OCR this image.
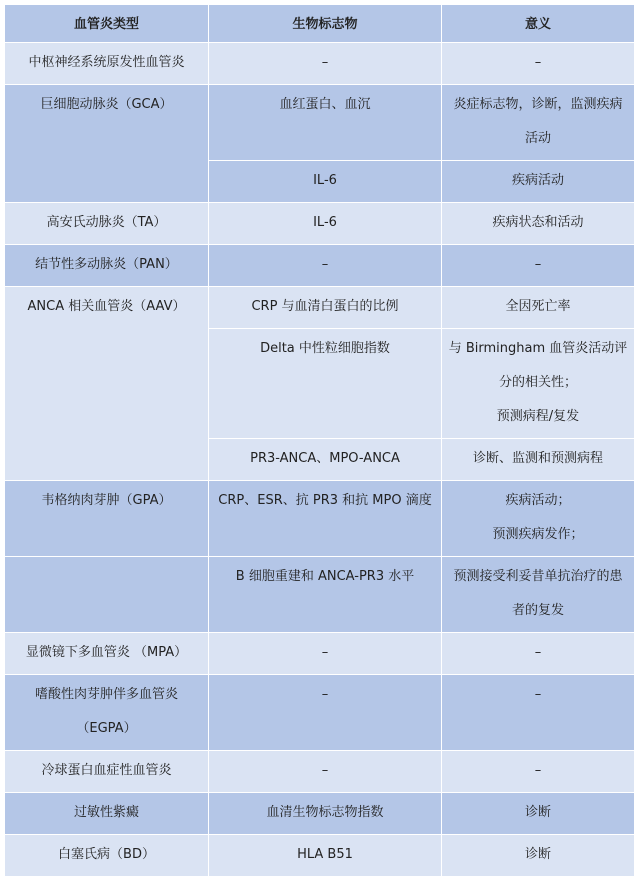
血管炎类型	生物标志物	意义

中枢神经系统原发性血管炎	–	–

巨细胞动脉炎（GCA）	血红蛋白、血沉	炎症标志物，诊断，监测疾病活动

	IL-6	疾病活动

高安氏动脉炎（TA）	IL-6	疾病状态和活动

结节性多动脉炎（PAN）	–	–

ANCA 相关血管炎（AAV）	CRP 与血清白蛋白的比例	全因死亡率

	Delta 中性粒细胞指数	与 Birmingham 血管炎活动评分的相关性；
预测病程/复发

	PR3-ANCA、MPO-ANCA	诊断、监测和预测病程

韦格纳肉芽肿（GPA）	CRP、ESR、抗 PR3 和抗 MPO 滴度	疾病活动；
预测疾病发作；

	B 细胞重建和 ANCA-PR3 水平	预测接受利妥昔单抗治疗的患者的复发

显微镜下多血管炎 （MPA）	–	–

嗜酸性肉芽肿伴多血管炎（EGPA）	–	–

冷球蛋白血症性血管炎	–	–

过敏性紫癜	血清生物标志物指数	诊断

白塞氏病（BD）	HLA B51	诊断
